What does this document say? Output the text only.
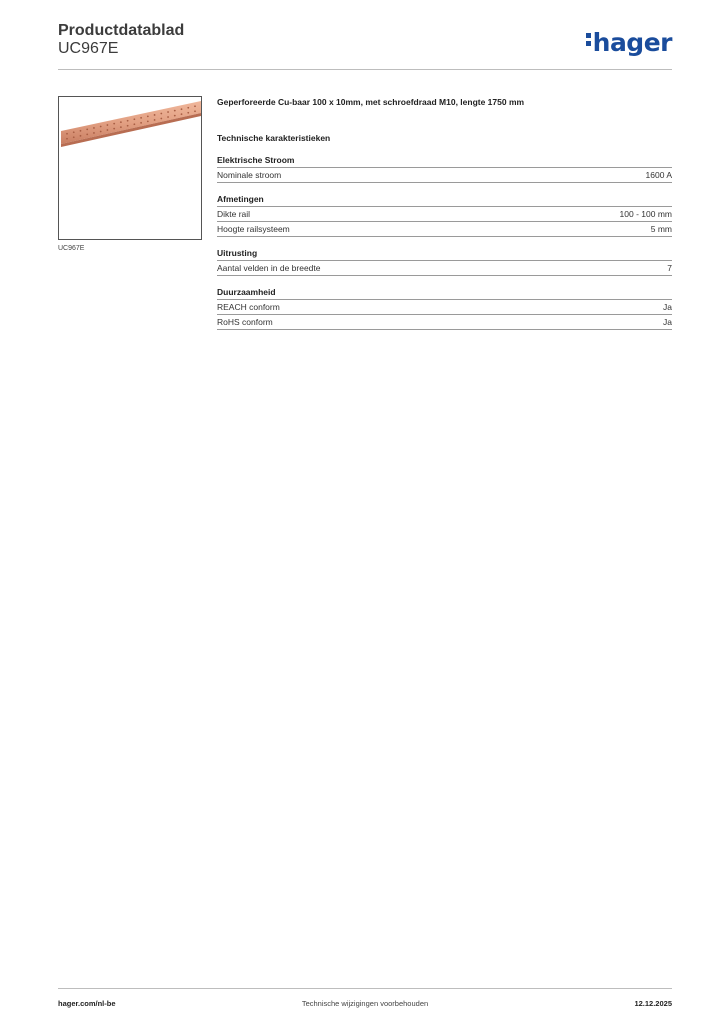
Productdatablad
UC967E	hager
UC967E
Geperforeerde Cu-baar 100 x 10mm, met schroefdraad M10, lengte 1750 mm
Technische karakteristieken
Elektrische Stroom
Nominale stroom	1600 A
Afmetingen
Dikte rail	100 - 100 mm
Hoogte railsysteem	5 mm
Uitrusting
Aantal velden in de breedte	7
Duurzaamheid
REACH conform	Ja
RoHS conform	Ja
hager.com/nl-be	Technische wijzigingen voorbehouden	12.12.2025
